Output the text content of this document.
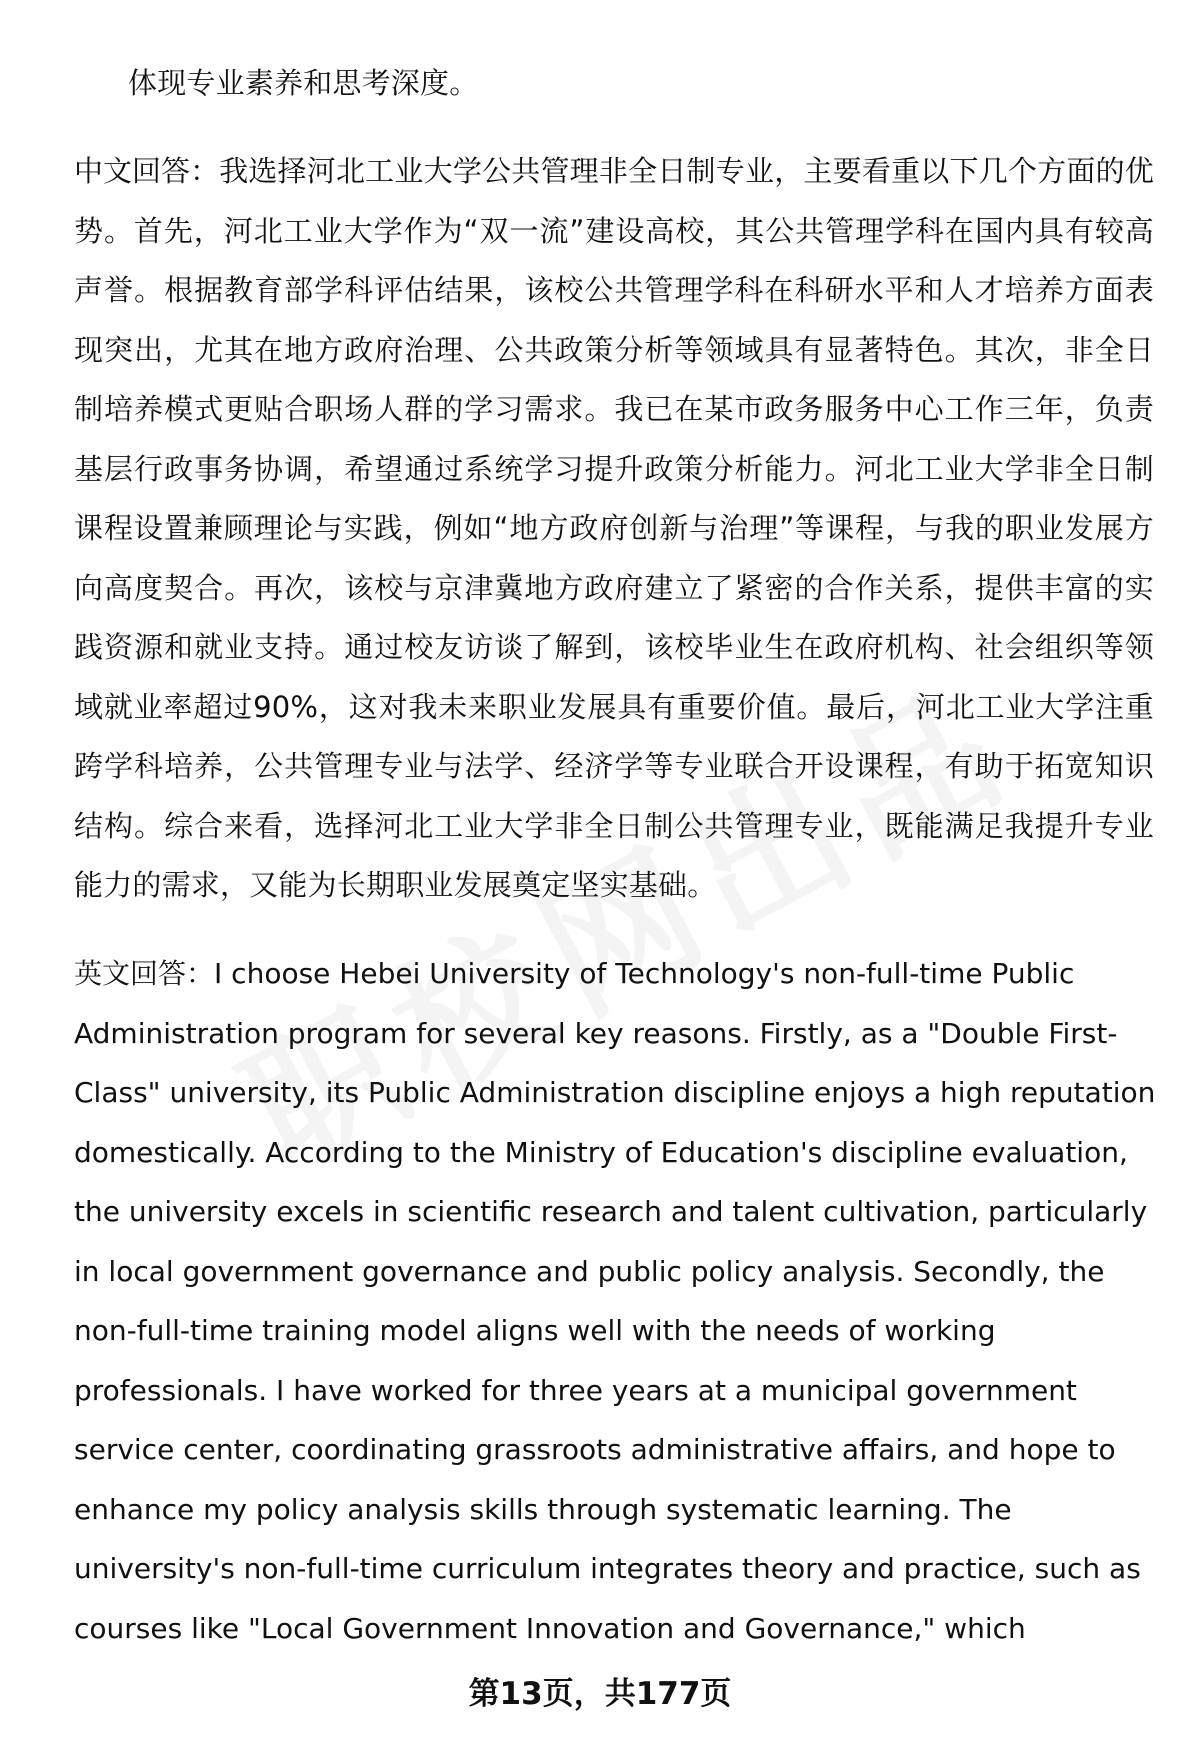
体现专业素养和思考深度。

中文回答：我选择河北工业大学公共管理非全日制专业，主要看重以下几个方面的优势。首先，河北工业大学作为“双一流”建设高校，其公共管理学科在国内具有较高声誉。根据教育部学科评估结果，该校公共管理学科在科研水平和人才培养方面表现突出，尤其在地方政府治理、公共政策分析等领域具有显著特色。其次，非全日制培养模式更贴合职场人群的学习需求。我已在某市政务服务中心工作三年，负责基层行政事务协调，希望通过系统学习提升政策分析能力。河北工业大学非全日制课程设置兼顾理论与实践，例如“地方政府创新与治理”等课程，与我的职业发展方向高度契合。再次，该校与京津冀地方政府建立了紧密的合作关系，提供丰富的实践资源和就业支持。通过校友访谈了解到，该校毕业生在政府机构、社会组织等领域就业率超过90%，这对我未来职业发展具有重要价值。最后，河北工业大学注重跨学科培养，公共管理专业与法学、经济学等专业联合开设课程，有助于拓宽知识结构。综合来看，选择河北工业大学非全日制公共管理专业，既能满足我提升专业能力的需求，又能为长期职业发展奠定坚实基础。

英文回答：I choose Hebei University of Technology's non-full-time Public Administration program for several key reasons. Firstly, as a "Double First-Class" university, its Public Administration discipline enjoys a high reputation domestically. According to the Ministry of Education's discipline evaluation, the university excels in scientific research and talent cultivation, particularly in local government governance and public policy analysis. Secondly, the non-full-time training model aligns well with the needs of working professionals. I have worked for three years at a municipal government service center, coordinating grassroots administrative affairs, and hope to enhance my policy analysis skills through systematic learning. The university's non-full-time curriculum integrates theory and practice, such as courses like "Local Government Innovation and Governance," which

第13页，共177页
